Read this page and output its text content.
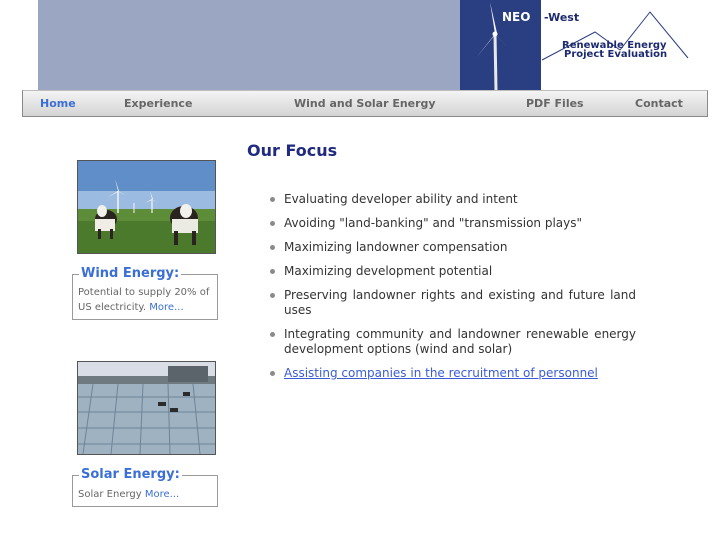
NEO -West
Renewable Energy
Project Evaluation
Home	Experience	Wind and Solar Energy	PDF Files	Contact
Wind Energy:
Potential to supply 20% of
US electricity. More...
Solar Energy:
Solar Energy More...
Our Focus
Evaluating developer ability and intent
Avoiding "land-banking" and "transmission plays"
Maximizing landowner compensation
Maximizing development potential
Preserving landowner rights and existing and future land uses
Integrating community and landowner renewable energy development options (wind and solar)
Assisting companies in the recruitment of personnel
